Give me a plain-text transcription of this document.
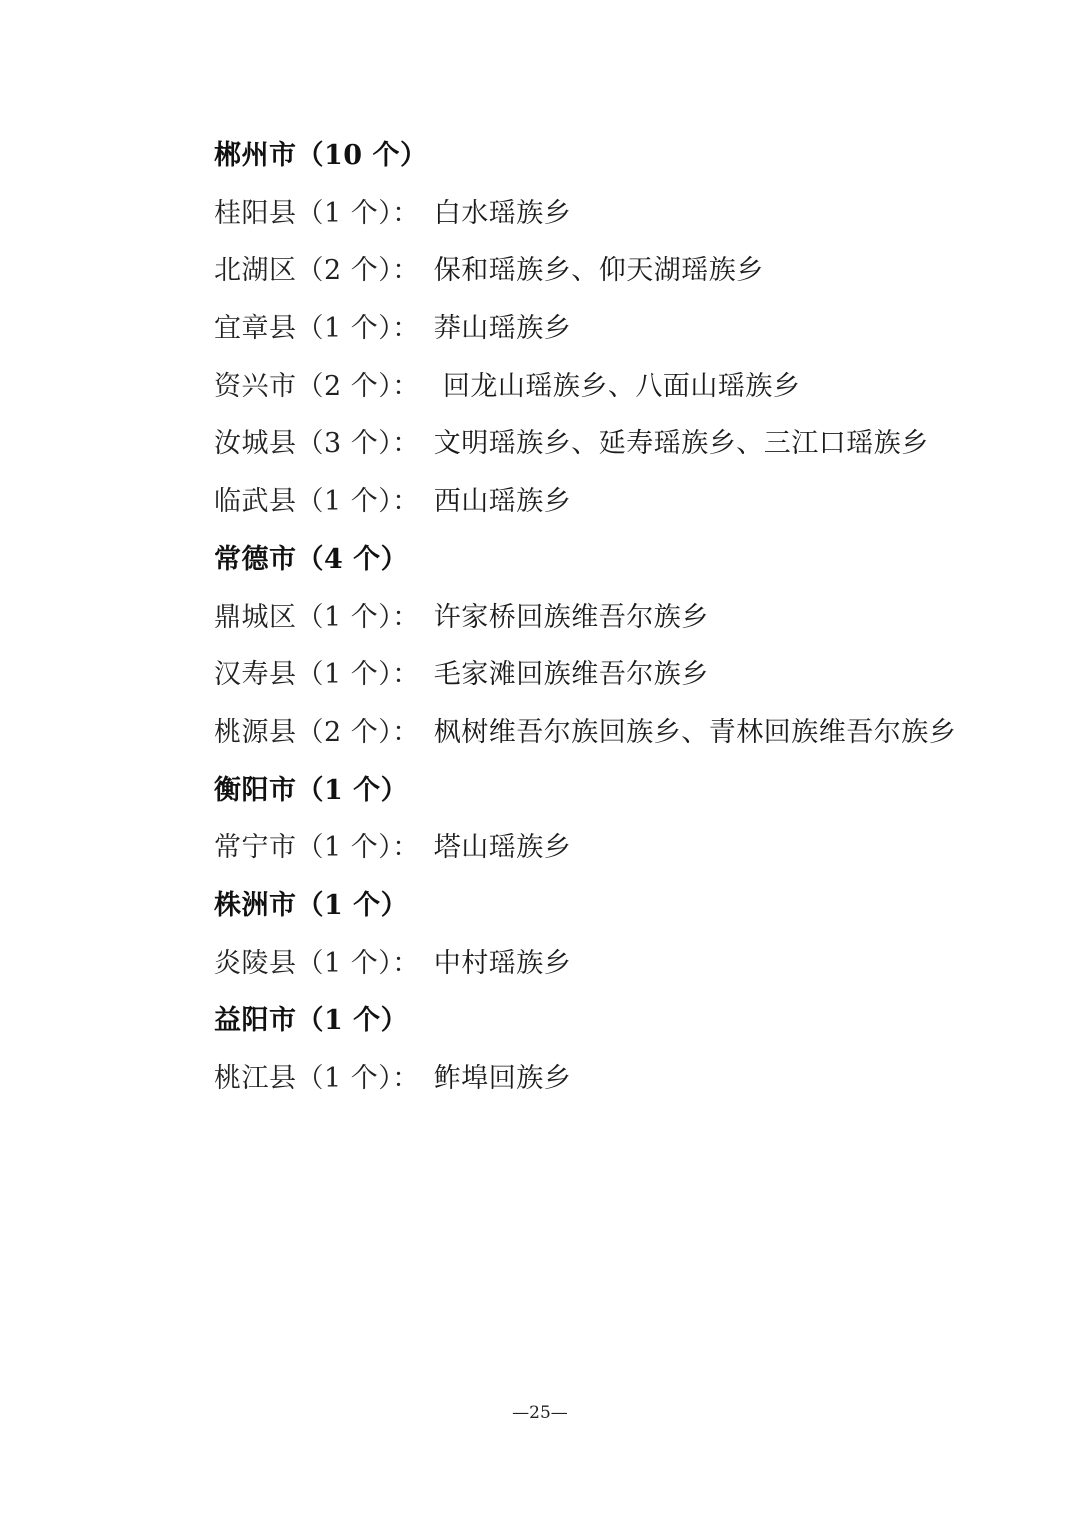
郴州市（10 个）
桂阳县（1 个）： 白水瑶族乡
北湖区（2 个）： 保和瑶族乡、仰天湖瑶族乡
宜章县（1 个）： 莽山瑶族乡
资兴市（2 个）： 回龙山瑶族乡、八面山瑶族乡
汝城县（3 个）： 文明瑶族乡、延寿瑶族乡、三江口瑶族乡
临武县（1 个）： 西山瑶族乡
常德市（4 个）
鼎城区（1 个）： 许家桥回族维吾尔族乡
汉寿县（1 个）： 毛家滩回族维吾尔族乡
桃源县（2 个）： 枫树维吾尔族回族乡、青林回族维吾尔族乡
衡阳市（1 个）
常宁市（1 个）： 塔山瑶族乡
株洲市（1 个）
炎陵县（1 个）： 中村瑶族乡
益阳市（1 个）
桃江县（1 个）： 鲊埠回族乡
—25—
